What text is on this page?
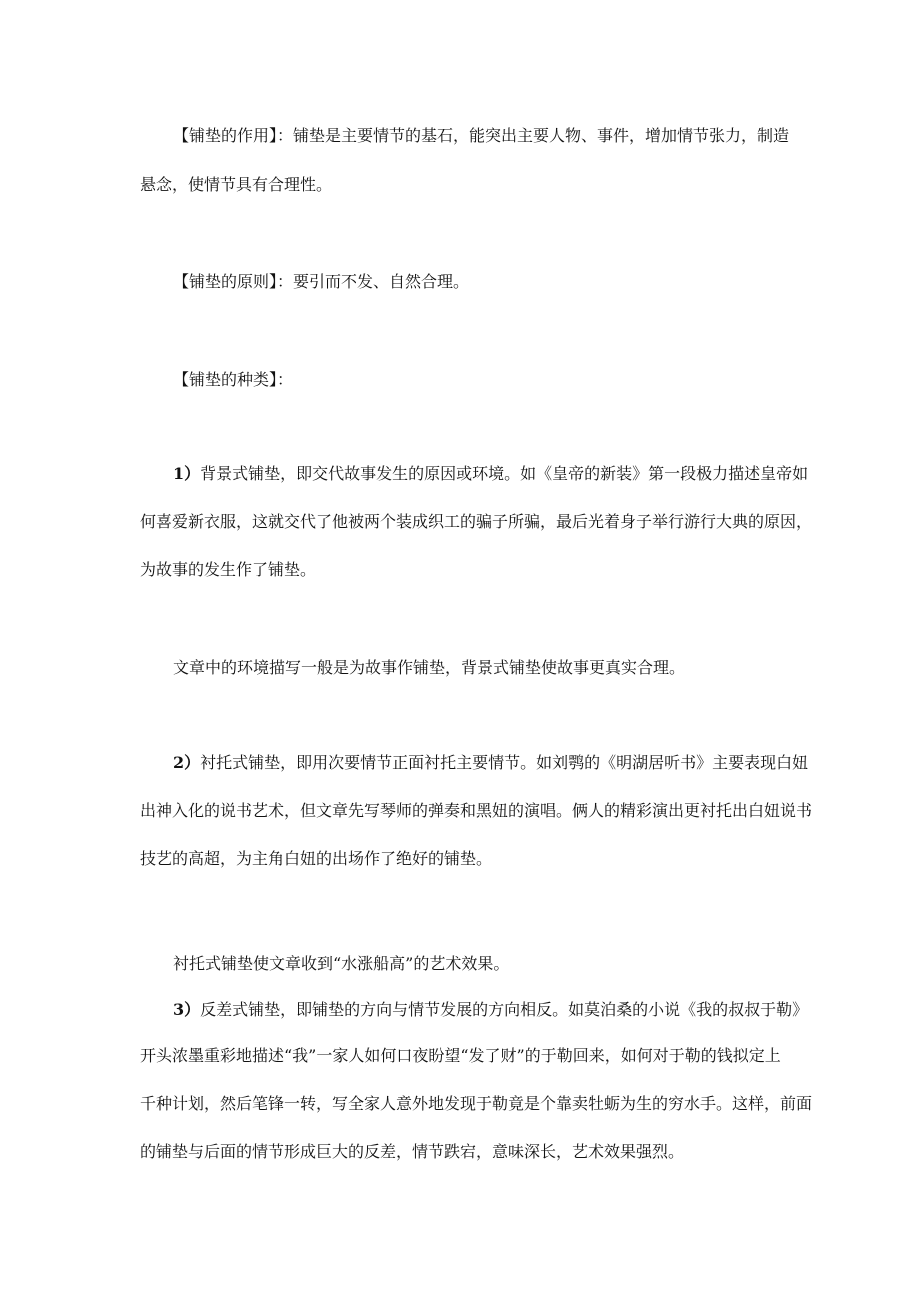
【铺垫的作用】：铺垫是主要情节的基石，能突出主要人物、事件，增加情节张力，制造
悬念，使情节具有合理性。
【铺垫的原则】：要引而不发、自然合理。
【铺垫的种类】：
1）背景式铺垫，即交代故事发生的原因或环境。如《皇帝的新装》第一段极力描述皇帝如
何喜爱新衣服，这就交代了他被两个装成织工的骗子所骗，最后光着身子举行游行大典的原因，
为故事的发生作了铺垫。
文章中的环境描写一般是为故事作铺垫，背景式铺垫使故事更真实合理。
2）衬托式铺垫，即用次要情节正面衬托主要情节。如刘鹗的《明湖居听书》主要表现白妞
出神入化的说书艺术，但文章先写琴师的弹奏和黑妞的演唱。俩人的精彩演出更衬托出白妞说书
技艺的高超，为主角白妞的出场作了绝好的铺垫。
衬托式铺垫使文章收到“水涨船高”的艺术效果。
3）反差式铺垫，即铺垫的方向与情节发展的方向相反。如莫泊桑的小说《我的叔叔于勒》
开头浓墨重彩地描述“我”一家人如何口夜盼望“发了财”的于勒回来，如何对于勒的钱拟定上
千种计划，然后笔锋一转，写全家人意外地发现于勒竟是个靠卖牡蛎为生的穷水手。这样，前面
的铺垫与后面的情节形成巨大的反差，情节跌宕，意味深长，艺术效果强烈。
